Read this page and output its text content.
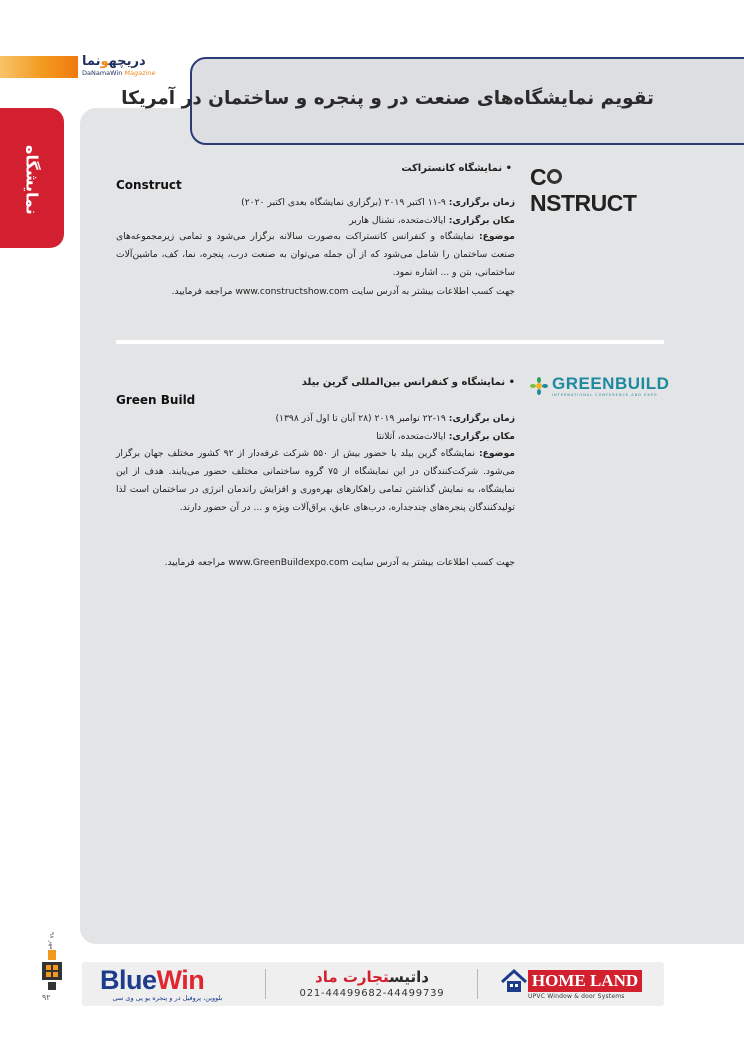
دریچهونما
DaNamaWin Magazine
تقویم نمایشگاه‌های صنعت در و پنجره و ساختمان در آمریکا
نمایشگاه	CNSTRUCT
• نمایشگاه کانستراکت
Construct
زمان برگزاری: ۹-۱۱ اکتبر ۲۰۱۹ (برگزاری نمایشگاه بعدی اکتبر ۲۰۲۰)
مکان برگزاری: ایالات‌متحده، نشنال هاربر
موضوع: نمایشگاه و کنفرانس کانستراکت به‌صورت سالانه برگزار می‌شود و تمامی زیرمجموعه‌های صنعت ساختمان را شامل می‌شود که از آن جمله می‌توان به صنعت درب، پنجره، نما، کف، ماشین‌آلات ساختمانی، بتن و ... اشاره نمود.
جهت کسب اطلاعات بیشتر به آدرس سایت www.constructshow.com مراجعه فرمایید.
GREENBUILD
INTERNATIONAL CONFERENCE AND EXPO
• نمایشگاه و کنفرانس بین‌المللی گرین بیلد
Green Build
زمان برگزاری: ۱۹-۲۲ نوامبر ۲۰۱۹ (۲۸ آبان تا اول آذر ۱۳۹۸)
مکان برگزاری: ایالات‌متحده، آتلانتا
موضوع: نمایشگاه گرین بیلد با حضور بیش از ۵۵۰ شرکت غرفه‌دار از ۹۲ کشور مختلف جهان برگزار می‌شود. شرکت‌کنندگان در این نمایشگاه از ۷۵ گروه ساختمانی مختلف حضور می‌یابند. هدف از این نمایشگاه، به نمایش گذاشتن تمامی راهکارهای بهره‌وری و افزایش راندمان انرژی در ساختمان است لذا تولیدکنندگان پنجره‌های چندجداره، درب‌های عایق، یراق‌آلات ویژه و ... در آن حضور دارند.
جهت کسب اطلاعات بیشتر به آدرس سایت www.GreenBuildexpo.com مراجعه فرمایید.
مهر ۹۸
۹۲
BlueWin
بلووین، پروفیل در و پنجره یو پی وی سی
داتیستجارت ماد
021-44499682-44499739
HOME LAND
UPVC Window & door Systems
